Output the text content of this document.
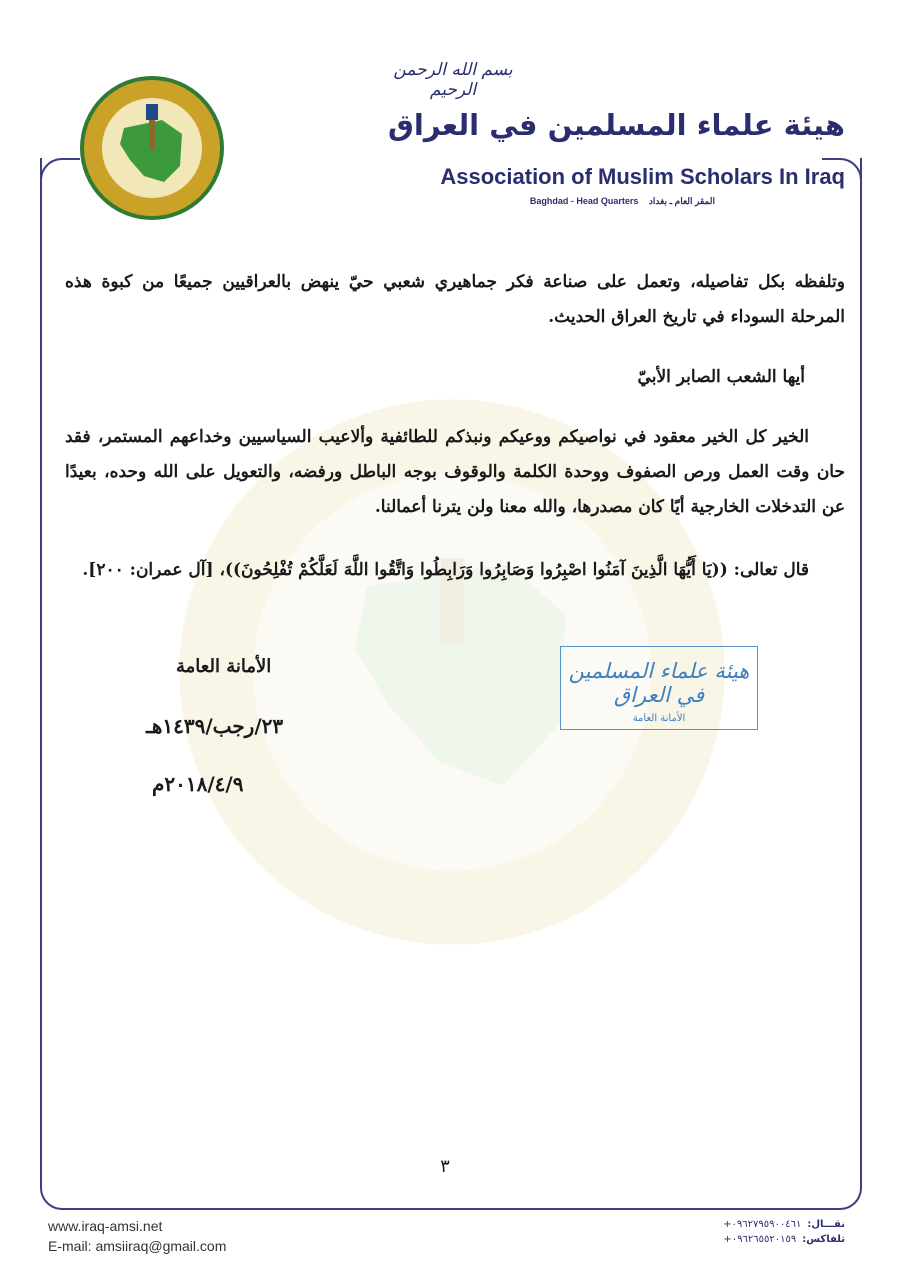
بسم الله الرحمن الرحيم
هيئة علماء المسلمين في العراق
Association of Muslim Scholars In Iraq
Baghdad - Head Quarters المقر العام ـ بغداد
وتلفظه بكل تفاصيله، وتعمل على صناعة فكر جماهيري شعبي حيّ ينهض بالعراقيين جميعًا من كبوة هذه المرحلة السوداء في تاريخ العراق الحديث.
أيها الشعب الصابر الأبيّ
الخير كل الخير معقود في نواصيكم ووعيكم ونبذكم للطائفية وألاعيب السياسيين وخداعهم المستمر، فقد حان وقت العمل ورص الصفوف ووحدة الكلمة والوقوف بوجه الباطل ورفضه، والتعويل على الله وحده، بعيدًا عن التدخلات الخارجية أيًا كان مصدرها، والله معنا ولن يترنا أعمالنا.
قال تعالى: ((يَا أَيُّهَا الَّذِينَ آمَنُوا اصْبِرُوا وَصَابِرُوا وَرَابِطُوا وَاتَّقُوا اللَّهَ لَعَلَّكُمْ تُفْلِحُونَ))، [آل عمران: ٢٠٠].
الأمانة العامة
٢٣/رجب/١٤٣٩هـ
٢٠١٨/٤/٩م
هيئة علماء المسلمين في العراق
الأمانة العامة
٣
www.iraq-amsi.net
E-mail: amsiiraq@gmail.com
نقـــال:٠٩٦٢٧٩٥٩٠٠٤٦١+
تلفاكس:٠٩٦٢٦٥٥٢٠١٥٩+
